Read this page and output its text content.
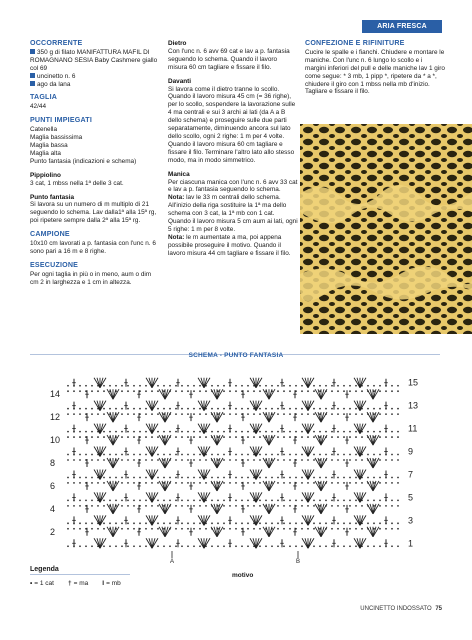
ARIA FRESCA
OCCORRENTE

350 g di filato MANIFATTURA MAFIL DI ROMAGNANO SESIA Baby Cashmere giallo col 69

uncinetto n. 6

ago da lana

TAGLIA

42/44

PUNTI IMPIEGATI

Catenella

Maglia bassissima

Maglia bassa

Maglia alta

Punto fantasia (indicazioni e schema)

Pippiolino

3 cat, 1 mbss nella 1ª delle 3 cat.

Punto fantasia

Si lavora su un numero di m multiplo di 21 seguendo lo schema. Lav dalla1ª alla 15ª rg, poi ripetere sempre dalla 2ª alla 15ª rg.

CAMPIONE

10x10 cm lavorati a p. fantasia con l'unc n. 6 sono pari a 16 m e 8 righe.

ESECUZIONE

Per ogni taglia in più o in meno, aum o dim cm 2 in larghezza e 1 cm in altezza.

Dietro

Con l'unc n. 6 avv 69 cat e lav a p. fantasia seguendo lo schema. Quando il lavoro misura 60 cm tagliare e fissare il filo.

Davanti

Si lavora come il dietro tranne lo scollo.

Quando il lavoro misura 45 cm (= 36 righe), per lo scollo, sospendere la lavorazione sulle 4 ma centrali e sui 3 archi ai lati (da A a B dello schema) e proseguire sulle due parti separatamente, diminuendo ancora sul lato dello scollo, ogni 2 righe: 1 m per 4 volte. Quando il lavoro misura 60 cm tagliare e fissare il filo. Terminare l'altro lato allo stesso modo, ma in modo simmetrico.

Manica

Per ciascuna manica con l'unc n. 6 avv 33 cat e lav a p. fantasia seguendo lo schema.

Nota: lav le 33 m centrali dello schema. All'inizio della riga sostituire la 1ª ma dello schema con 3 cat, la 1ª mb con 1 cat.

Quando il lavoro misura 5 cm aum ai lati, ogni 5 righe: 1 m per 8 volte.

Nota: le m aumentate a ma, poi appena possibile proseguire il motivo. Quando il lavoro misura 44 cm tagliare e fissare il filo.

CONFEZIONE E RIFINITURE

Cucire le spalle e i fianchi. Chiudere e montare le maniche. Con l'unc n. 6 lungo lo scollo e i margini inferiori del pull e delle maniche lav 1 giro come segue: * 3 mb, 1 pipp *, ripetere da * a *, chiudere il giro con 1 mbss nella mb d'inizio. Tagliare e fissare il filo.

SCHEMA - PUNTO FANTASIA
14
12
10
8
6
4
2
15
13
11
9
7
5
3
1
A	B
motivo
Legenda
• = 1 cat † = ma I = mb
UNCINETTO INDOSSATO 75
